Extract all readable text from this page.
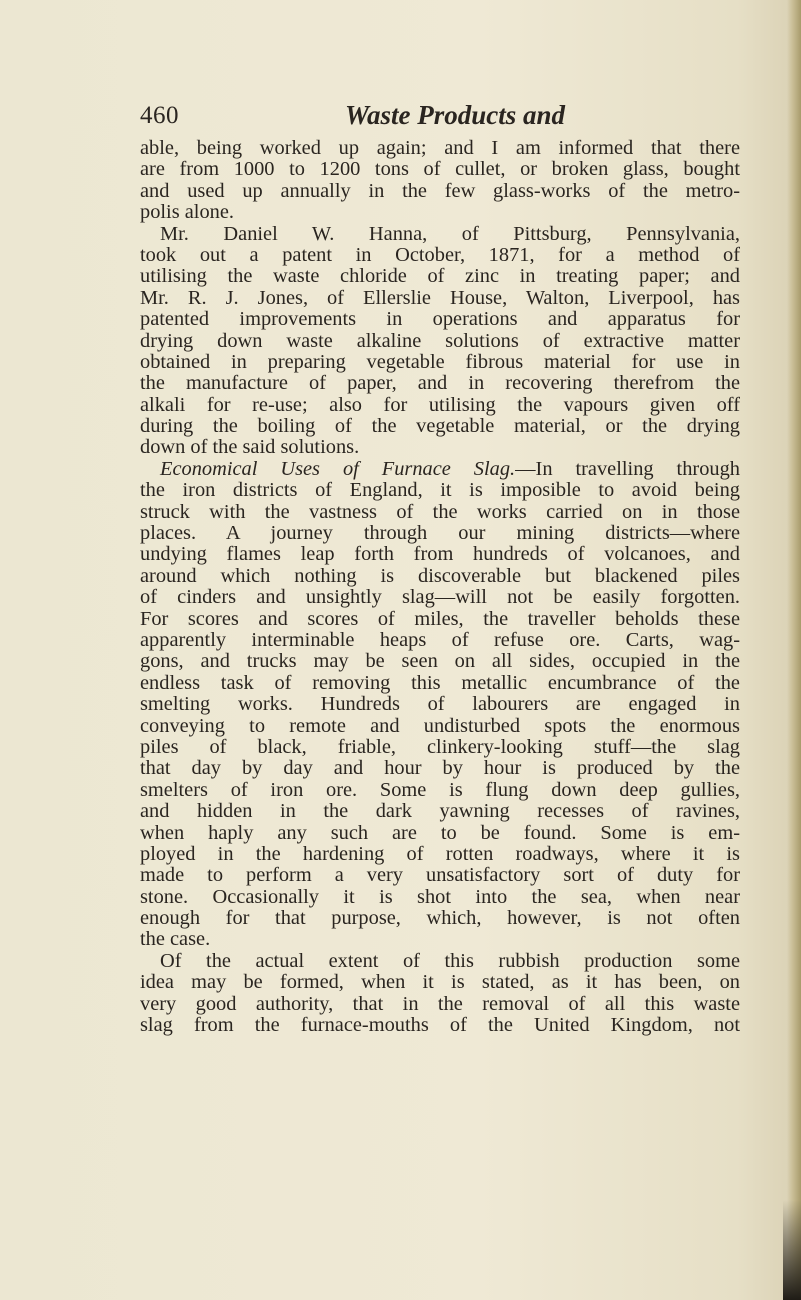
460	Waste Products and
able, being worked up again; and I am informed that there
are from 1000 to 1200 tons of cullet, or broken glass, bought
and used up annually in the few glass-works of the metro-
polis alone.
Mr. Daniel W. Hanna, of Pittsburg, Pennsylvania,
took out a patent in October, 1871, for a method of
utilising the waste chloride of zinc in treating paper; and
Mr. R. J. Jones, of Ellerslie House, Walton, Liverpool, has
patented improvements in operations and apparatus for
drying down waste alkaline solutions of extractive matter
obtained in preparing vegetable fibrous material for use in
the manufacture of paper, and in recovering therefrom the
alkali for re-use; also for utilising the vapours given off
during the boiling of the vegetable material, or the drying
down of the said solutions.
Economical Uses of Furnace Slag.—In travelling through
the iron districts of England, it is imposible to avoid being
struck with the vastness of the works carried on in those
places. A journey through our mining districts—where
undying flames leap forth from hundreds of volcanoes, and
around which nothing is discoverable but blackened piles
of cinders and unsightly slag—will not be easily forgotten.
For scores and scores of miles, the traveller beholds these
apparently interminable heaps of refuse ore. Carts, wag-
gons, and trucks may be seen on all sides, occupied in the
endless task of removing this metallic encumbrance of the
smelting works. Hundreds of labourers are engaged in
conveying to remote and undisturbed spots the enormous
piles of black, friable, clinkery-looking stuff—the slag
that day by day and hour by hour is produced by the
smelters of iron ore. Some is flung down deep gullies,
and hidden in the dark yawning recesses of ravines,
when haply any such are to be found. Some is em-
ployed in the hardening of rotten roadways, where it is
made to perform a very unsatisfactory sort of duty for
stone. Occasionally it is shot into the sea, when near
enough for that purpose, which, however, is not often
the case.
Of the actual extent of this rubbish production some
idea may be formed, when it is stated, as it has been, on
very good authority, that in the removal of all this waste
slag from the furnace-mouths of the United Kingdom, not
